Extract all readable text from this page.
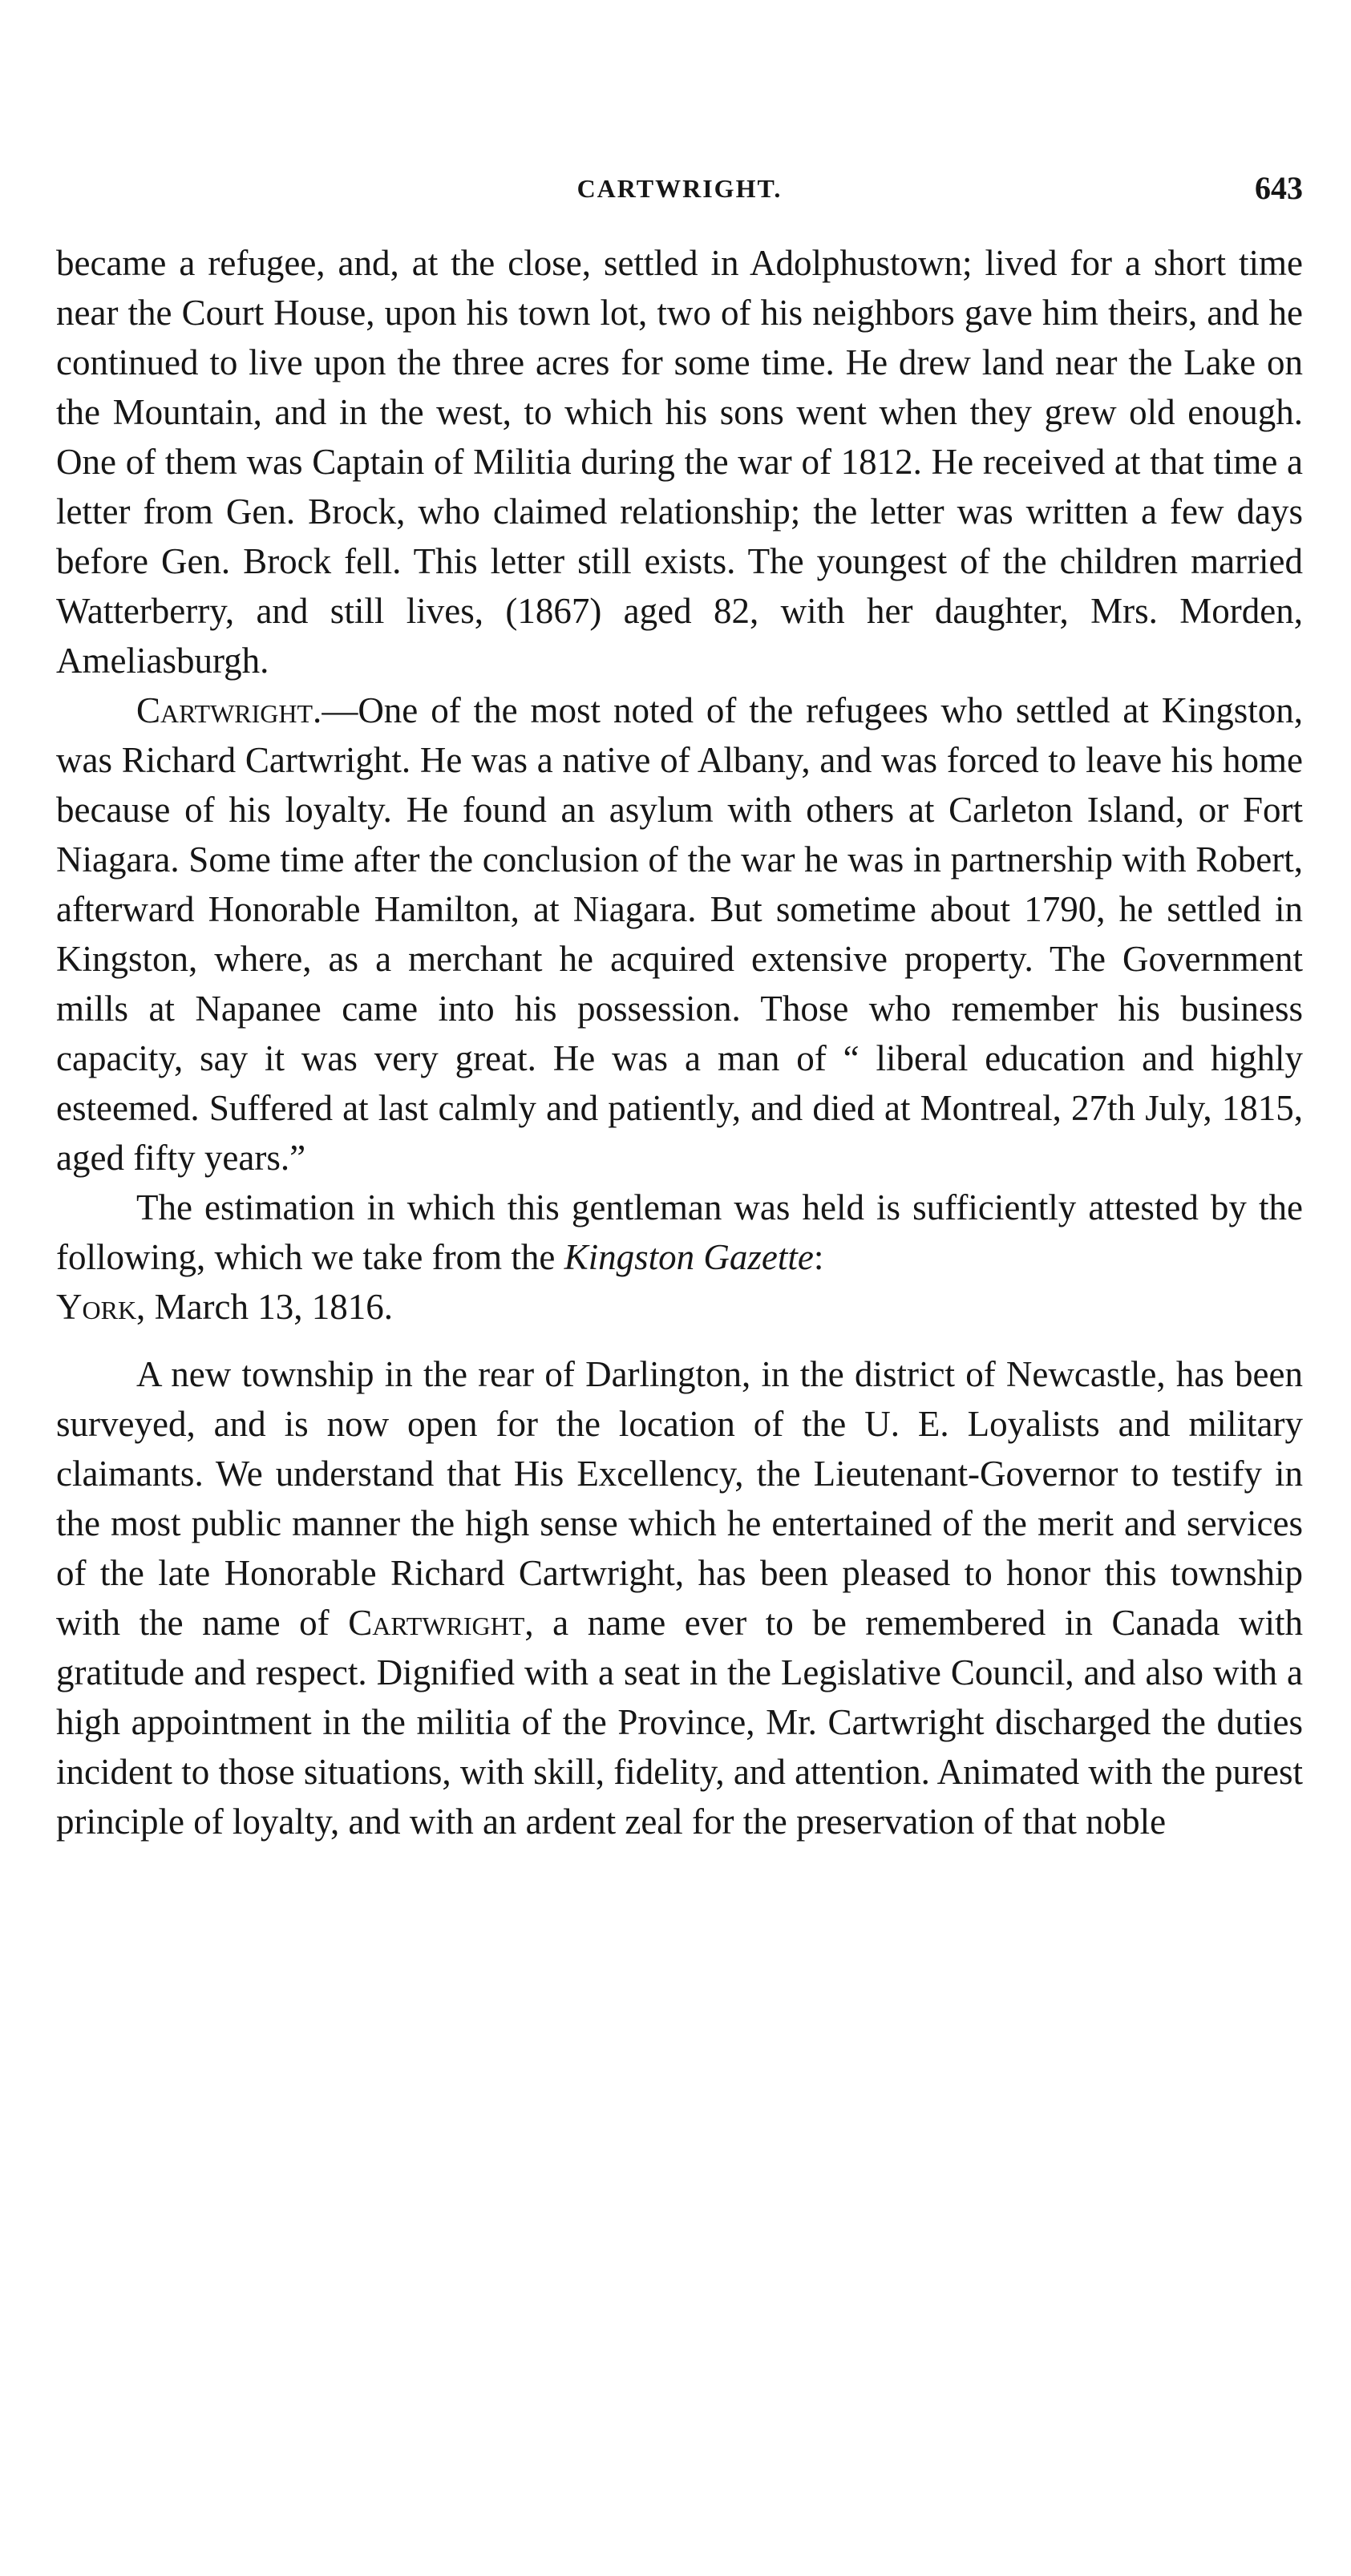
CARTWRIGHT.	643

became a refugee, and, at the close, settled in Adolphustown; lived for a short time near the Court House, upon his town lot, two of his neighbors gave him theirs, and he continued to live upon the three acres for some time. He drew land near the Lake on the Mountain, and in the west, to which his sons went when they grew old enough. One of them was Captain of Militia during the war of 1812. He received at that time a letter from Gen. Brock, who claimed relationship; the letter was written a few days before Gen. Brock fell. This letter still exists. The youngest of the children married Watterberry, and still lives, (1867) aged 82, with her daughter, Mrs. Morden, Ameliasburgh.

Cartwright.—One of the most noted of the refugees who settled at Kingston, was Richard Cartwright. He was a native of Albany, and was forced to leave his home because of his loyalty. He found an asylum with others at Carleton Island, or Fort Niagara. Some time after the conclusion of the war he was in partnership with Robert, afterward Honorable Hamilton, at Niagara. But sometime about 1790, he settled in Kingston, where, as a merchant he acquired extensive property. The Government mills at Napanee came into his possession. Those who remember his business capacity, say it was very great. He was a man of “ liberal education and highly esteemed. Suffered at last calmly and patiently, and died at Montreal, 27th July, 1815, aged fifty years.”

The estimation in which this gentleman was held is sufficiently attested by the following, which we take from the Kingston Gazette:

York, March 13, 1816.

A new township in the rear of Darlington, in the district of Newcastle, has been surveyed, and is now open for the location of the U. E. Loyalists and military claimants. We understand that His Excellency, the Lieutenant-Governor to testify in the most public manner the high sense which he entertained of the merit and services of the late Honorable Richard Cartwright, has been pleased to honor this township with the name of Cartwright, a name ever to be remembered in Canada with gratitude and respect. Dignified with a seat in the Legislative Council, and also with a high appointment in the militia of the Province, Mr. Cartwright discharged the duties incident to those situations, with skill, fidelity, and attention. Animated with the purest principle of loyalty, and with an ardent zeal for the preservation of that noble
